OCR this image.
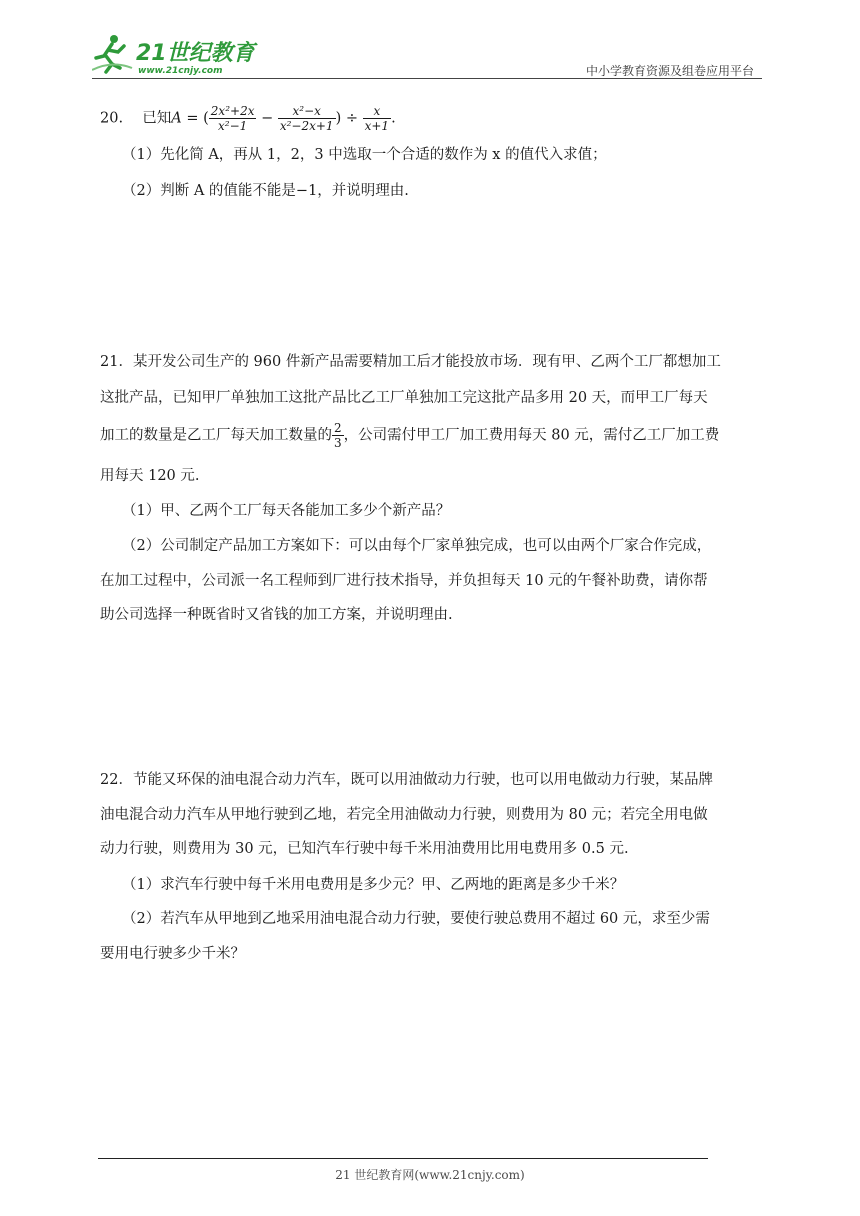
21世纪教育
www.21cnjy.com	中小学教育资源及组卷应用平台
20. 已知A = ( $\frac{\text{2x²+2x}}{\text{x²−1}} - \frac{\text{x²−x}}{\text{x²−2x+1}}$ ) ÷ $\frac{x}{x+1}$ .
（1）先化简 A，再从 1，2，3 中选取一个合适的数作为 x 的值代入求值；
（2）判断 A 的值能不能是−1，并说明理由.
21．某开发公司生产的 960 件新产品需要精加工后才能投放市场．现有甲、乙两个工厂都想加工
这批产品，已知甲厂单独加工这批产品比乙工厂单独加工完这批产品多用 20 天，而甲工厂每天
加工的数量是乙工厂每天加工数量的 $\frac{2}{3}$ ，公司需付甲工厂加工费用每天 80 元，需付乙工厂加工费
用每天 120 元.
（1）甲、乙两个工厂每天各能加工多少个新产品？
（2）公司制定产品加工方案如下：可以由每个厂家单独完成，也可以由两个厂家合作完成，
在加工过程中，公司派一名工程师到厂进行技术指导，并负担每天 10 元的午餐补助费，请你帮
助公司选择一种既省时又省钱的加工方案，并说明理由.
22．节能又环保的油电混合动力汽车，既可以用油做动力行驶，也可以用电做动力行驶，某品牌
油电混合动力汽车从甲地行驶到乙地，若完全用油做动力行驶，则费用为 80 元；若完全用电做
动力行驶，则费用为 30 元，已知汽车行驶中每千米用油费用比用电费用多 0.5 元.
（1）求汽车行驶中每千米用电费用是多少元？甲、乙两地的距离是多少千米？
（2）若汽车从甲地到乙地采用油电混合动力行驶，要使行驶总费用不超过 60 元，求至少需
要用电行驶多少千米？
21 世纪教育网(www.21cnjy.com)
